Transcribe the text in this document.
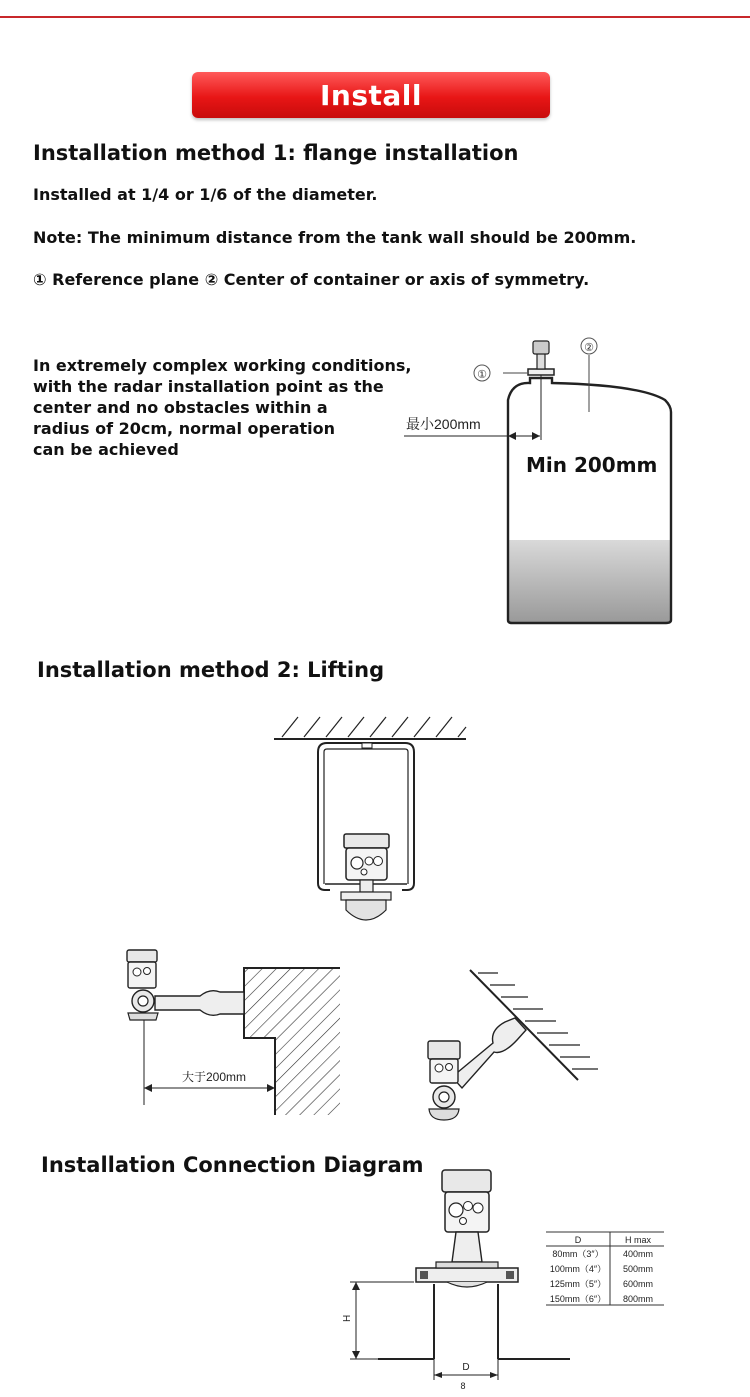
Install
Installation method 1: flange installation
Installed at 1/4 or 1/6 of the diameter.
Note: The minimum distance from the tank wall should be 200mm.
① Reference plane ② Center of container or axis of symmetry.
In extremely complex working conditions,
with the radar installation point as the
center and no obstacles within a
radius of 20cm, normal operation
can be achieved
Installation method 2: Lifting
Installation Connection Diagram
①
②
最小200mm
Min 200mm
大于200mm
H
D
8
D	H max
80mm（3″） 400mm
100mm（4″） 500mm
125mm（5″） 600mm
150mm（6″） 800mm
